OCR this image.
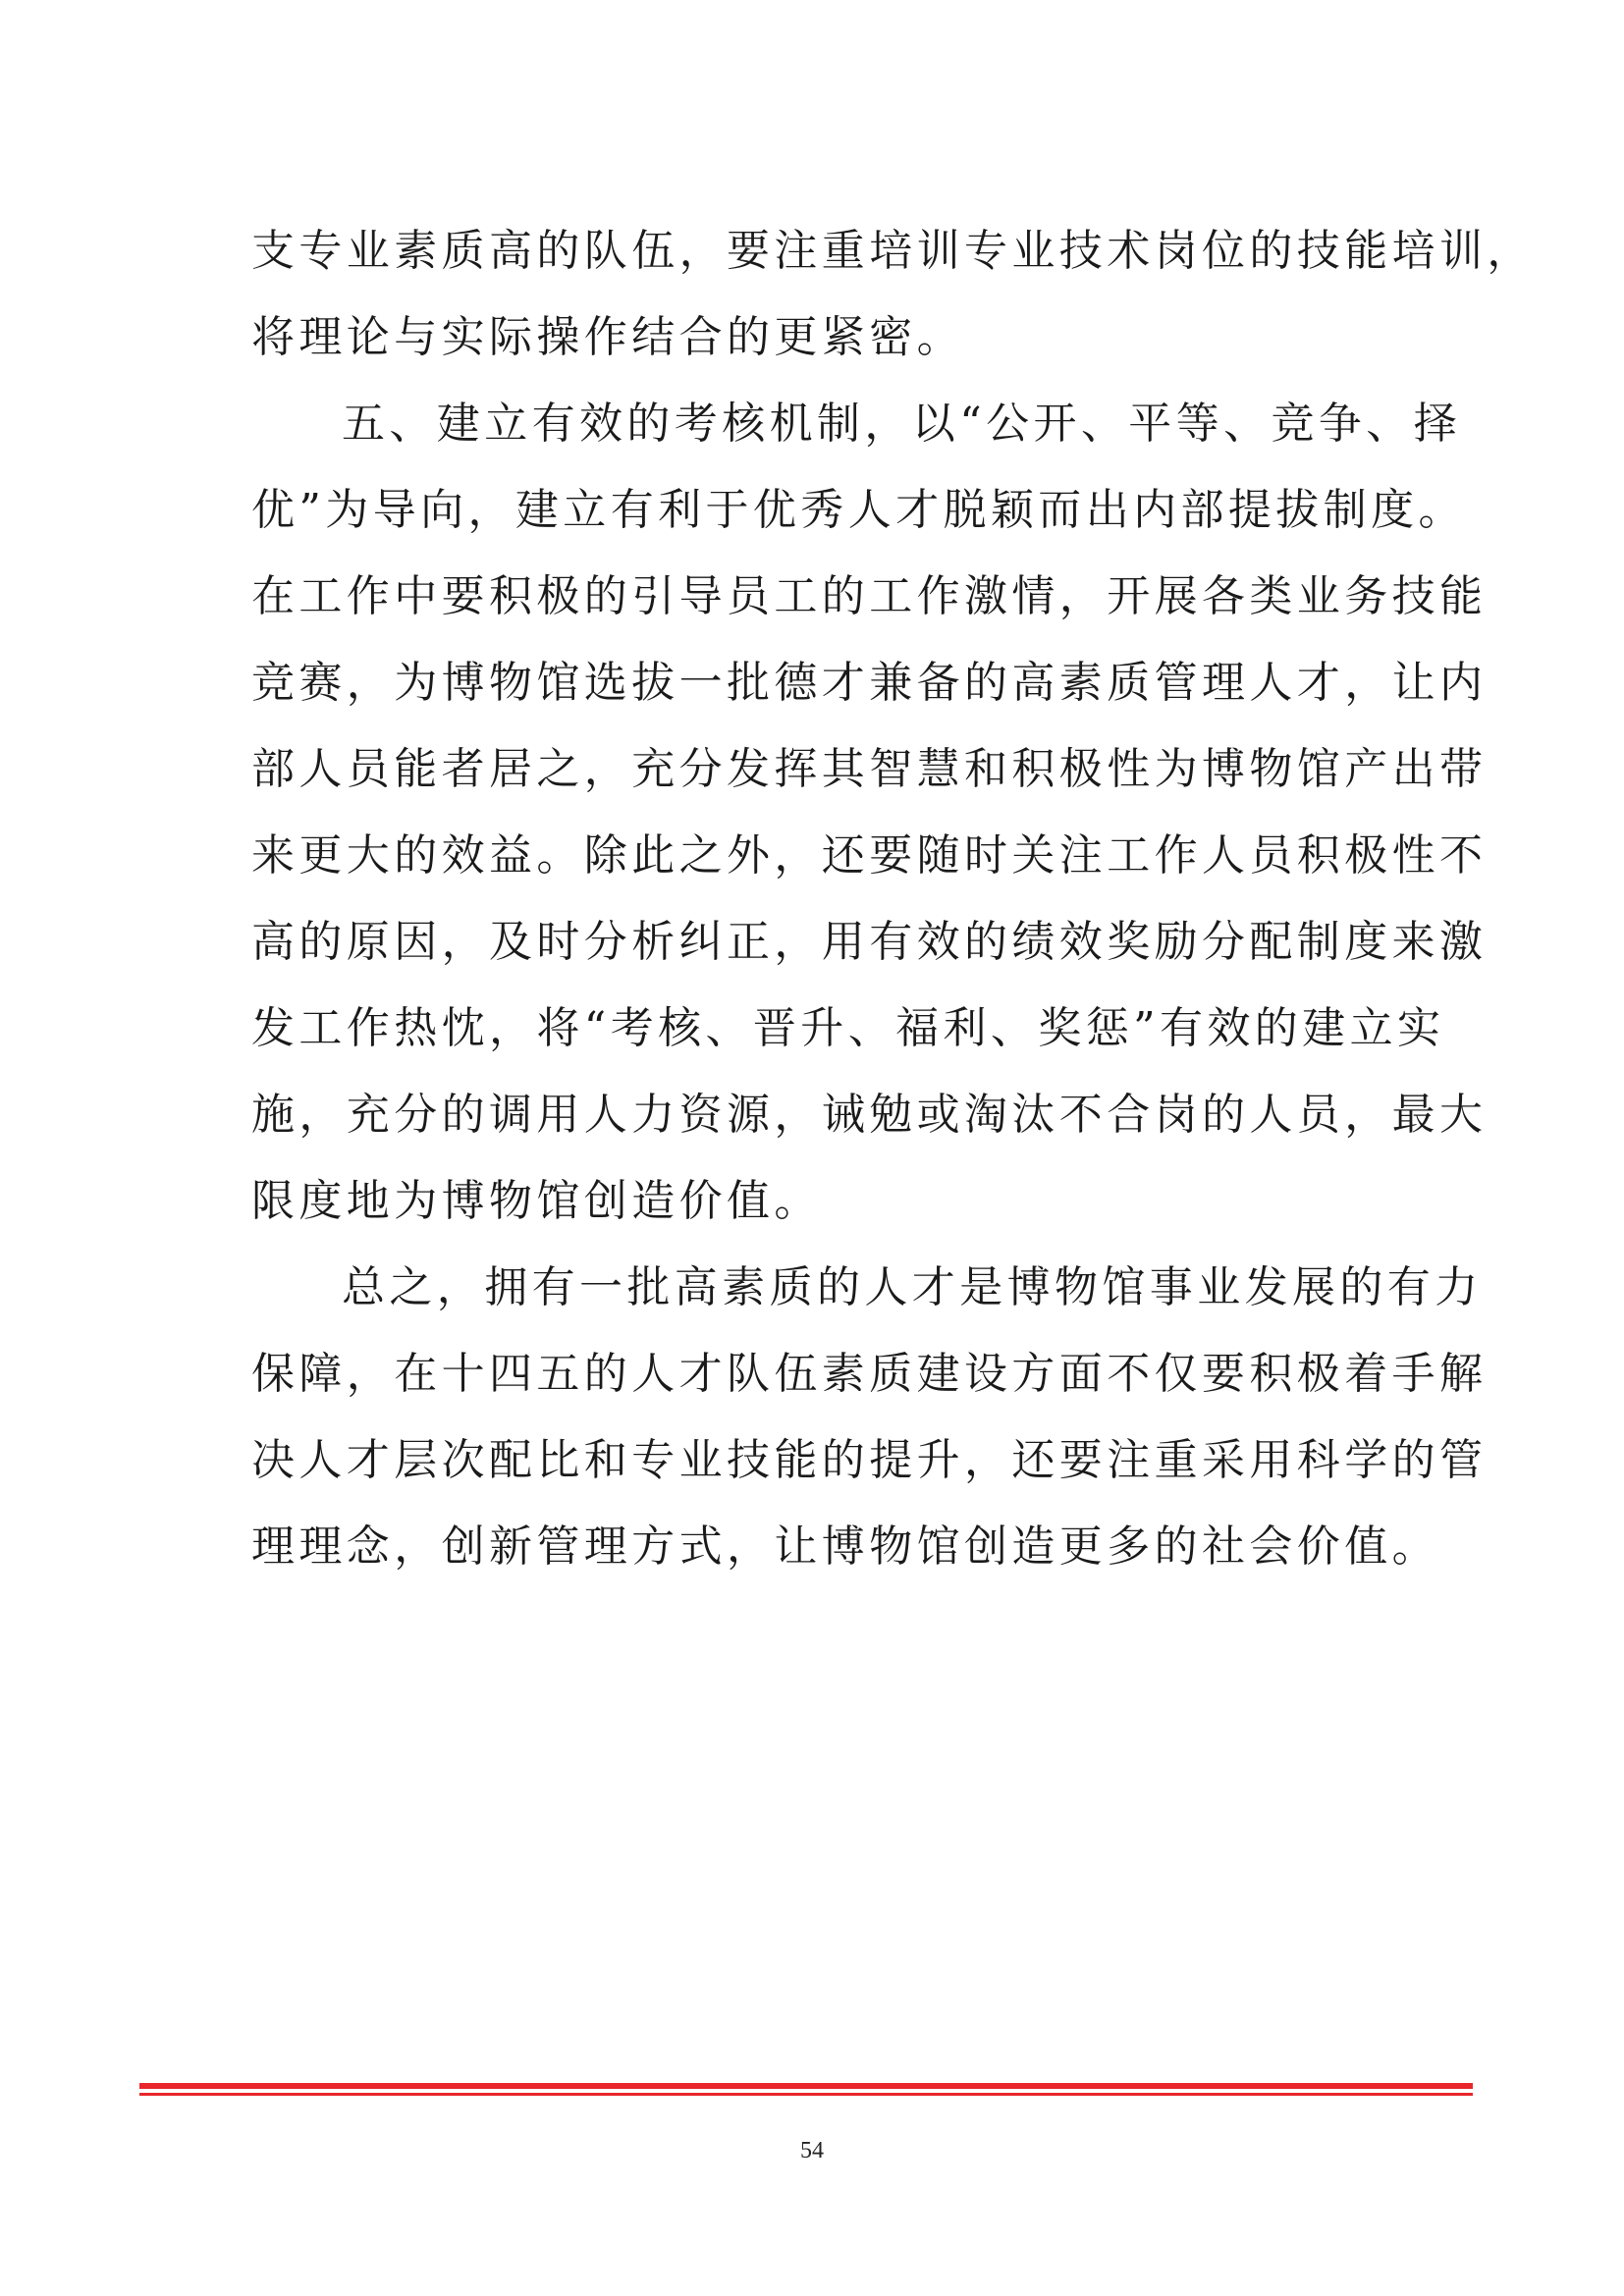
支专业素质高的队伍，要注重培训专业技术岗位的技能培训，
将理论与实际操作结合的更紧密。
五、建立有效的考核机制，以“公开、平等、竞争、择
优”为导向，建立有利于优秀人才脱颖而出内部提拔制度。
在工作中要积极的引导员工的工作激情，开展各类业务技能
竞赛，为博物馆选拔一批德才兼备的高素质管理人才，让内
部人员能者居之，充分发挥其智慧和积极性为博物馆产出带
来更大的效益。除此之外，还要随时关注工作人员积极性不
高的原因，及时分析纠正，用有效的绩效奖励分配制度来激
发工作热忱，将“考核、晋升、福利、奖惩”有效的建立实
施，充分的调用人力资源，诫勉或淘汰不合岗的人员，最大
限度地为博物馆创造价值。
总之，拥有一批高素质的人才是博物馆事业发展的有力
保障，在十四五的人才队伍素质建设方面不仅要积极着手解
决人才层次配比和专业技能的提升，还要注重采用科学的管
理理念，创新管理方式，让博物馆创造更多的社会价值。
54
